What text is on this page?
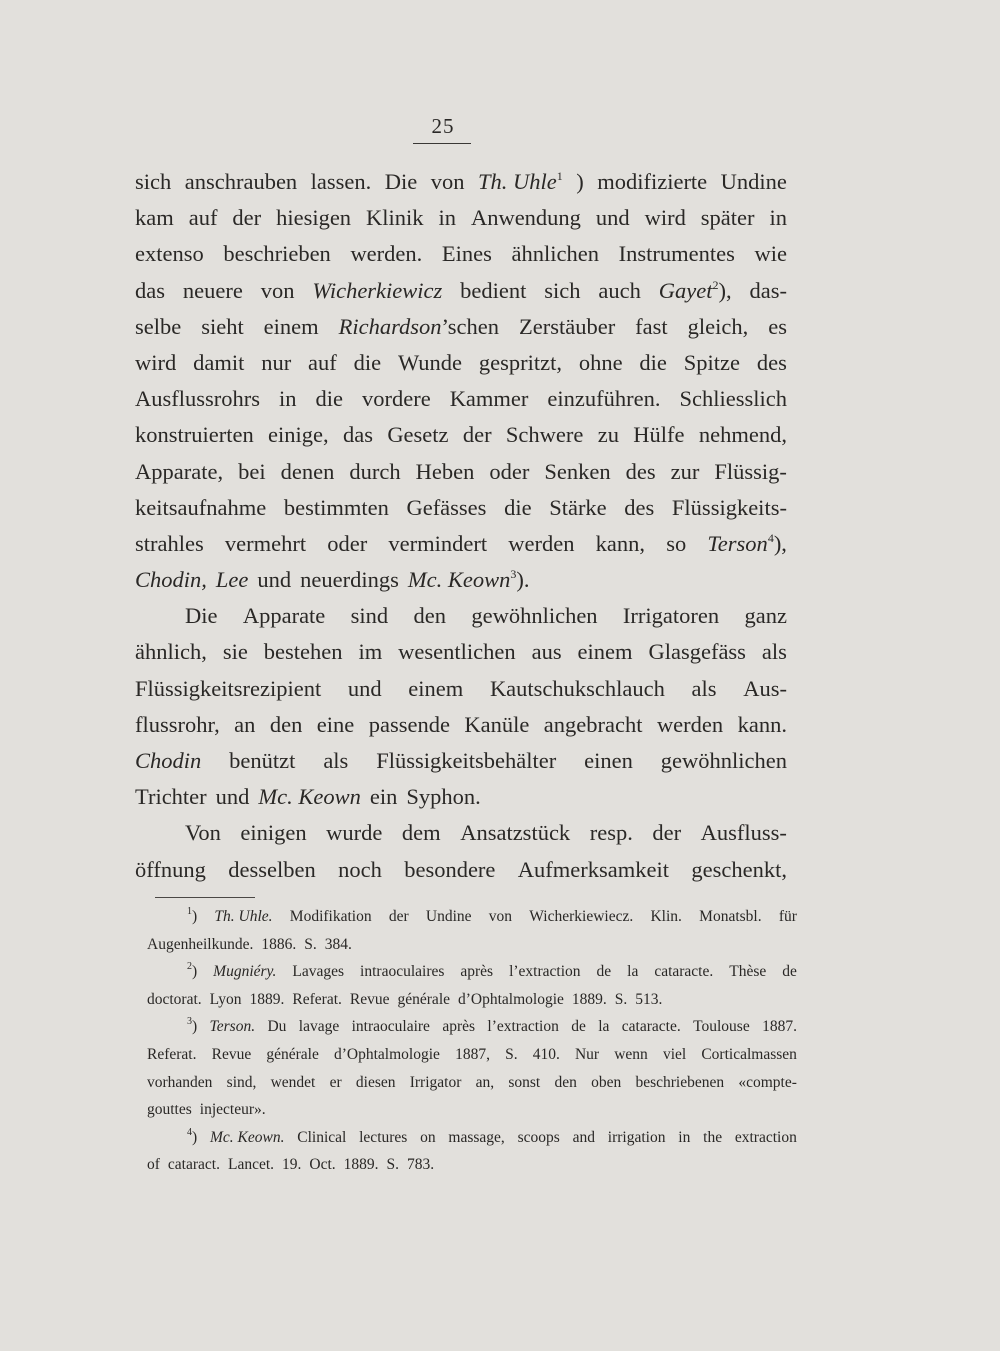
25
sich anschrauben lassen. Die von Th. Uhle$^1$ ) modifizierte Undine
kam auf der hiesigen Klinik in Anwendung und wird später in
extenso beschrieben werden. Eines ähnlichen Instrumentes wie
das neuere von Wicherkiewicz bedient sich auch Gayet$^2$), das-
selbe sieht einem Richardson’schen Zerstäuber fast gleich, es
wird damit nur auf die Wunde gespritzt, ohne die Spitze des
Ausflussrohrs in die vordere Kammer einzuführen. Schliesslich
konstruierten einige, das Gesetz der Schwere zu Hülfe nehmend,
Apparate, bei denen durch Heben oder Senken des zur Flüssig-
keitsaufnahme bestimmten Gefässes die Stärke des Flüssigkeits-
strahles vermehrt oder vermindert werden kann, so Terson$^4$),
Chodin, Lee und neuerdings Mc. Keown$^3$).
Die Apparate sind den gewöhnlichen Irrigatoren ganz
ähnlich, sie bestehen im wesentlichen aus einem Glasgefäss als
Flüssigkeitsrezipient und einem Kautschukschlauch als Aus-
flussrohr, an den eine passende Kanüle angebracht werden kann.
Chodin benützt als Flüssigkeitsbehälter einen gewöhnlichen
Trichter und Mc. Keown ein Syphon.
Von einigen wurde dem Ansatzstück resp. der Ausfluss-
öffnung desselben noch besondere Aufmerksamkeit geschenkt,
$^1$) Th. Uhle. Modifikation der Undine von Wicherkiewiecz. Klin. Monatsbl. für
Augenheilkunde. 1886. S. 384.
$^2$) Mugniéry. Lavages intraoculaires après l’extraction de la cataracte. Thèse de
doctorat. Lyon 1889. Referat. Revue générale d’Ophtalmologie 1889. S. 513.
$^3$) Terson. Du lavage intraoculaire après l’extraction de la cataracte. Toulouse 1887.
Referat. Revue générale d’Ophtalmologie 1887, S. 410. Nur wenn viel Corticalmassen
vorhanden sind, wendet er diesen Irrigator an, sonst den oben beschriebenen «compte-
gouttes injecteur».
$^4$) Mc. Keown. Clinical lectures on massage, scoops and irrigation in the extraction
of cataract. Lancet. 19. Oct. 1889. S. 783.
